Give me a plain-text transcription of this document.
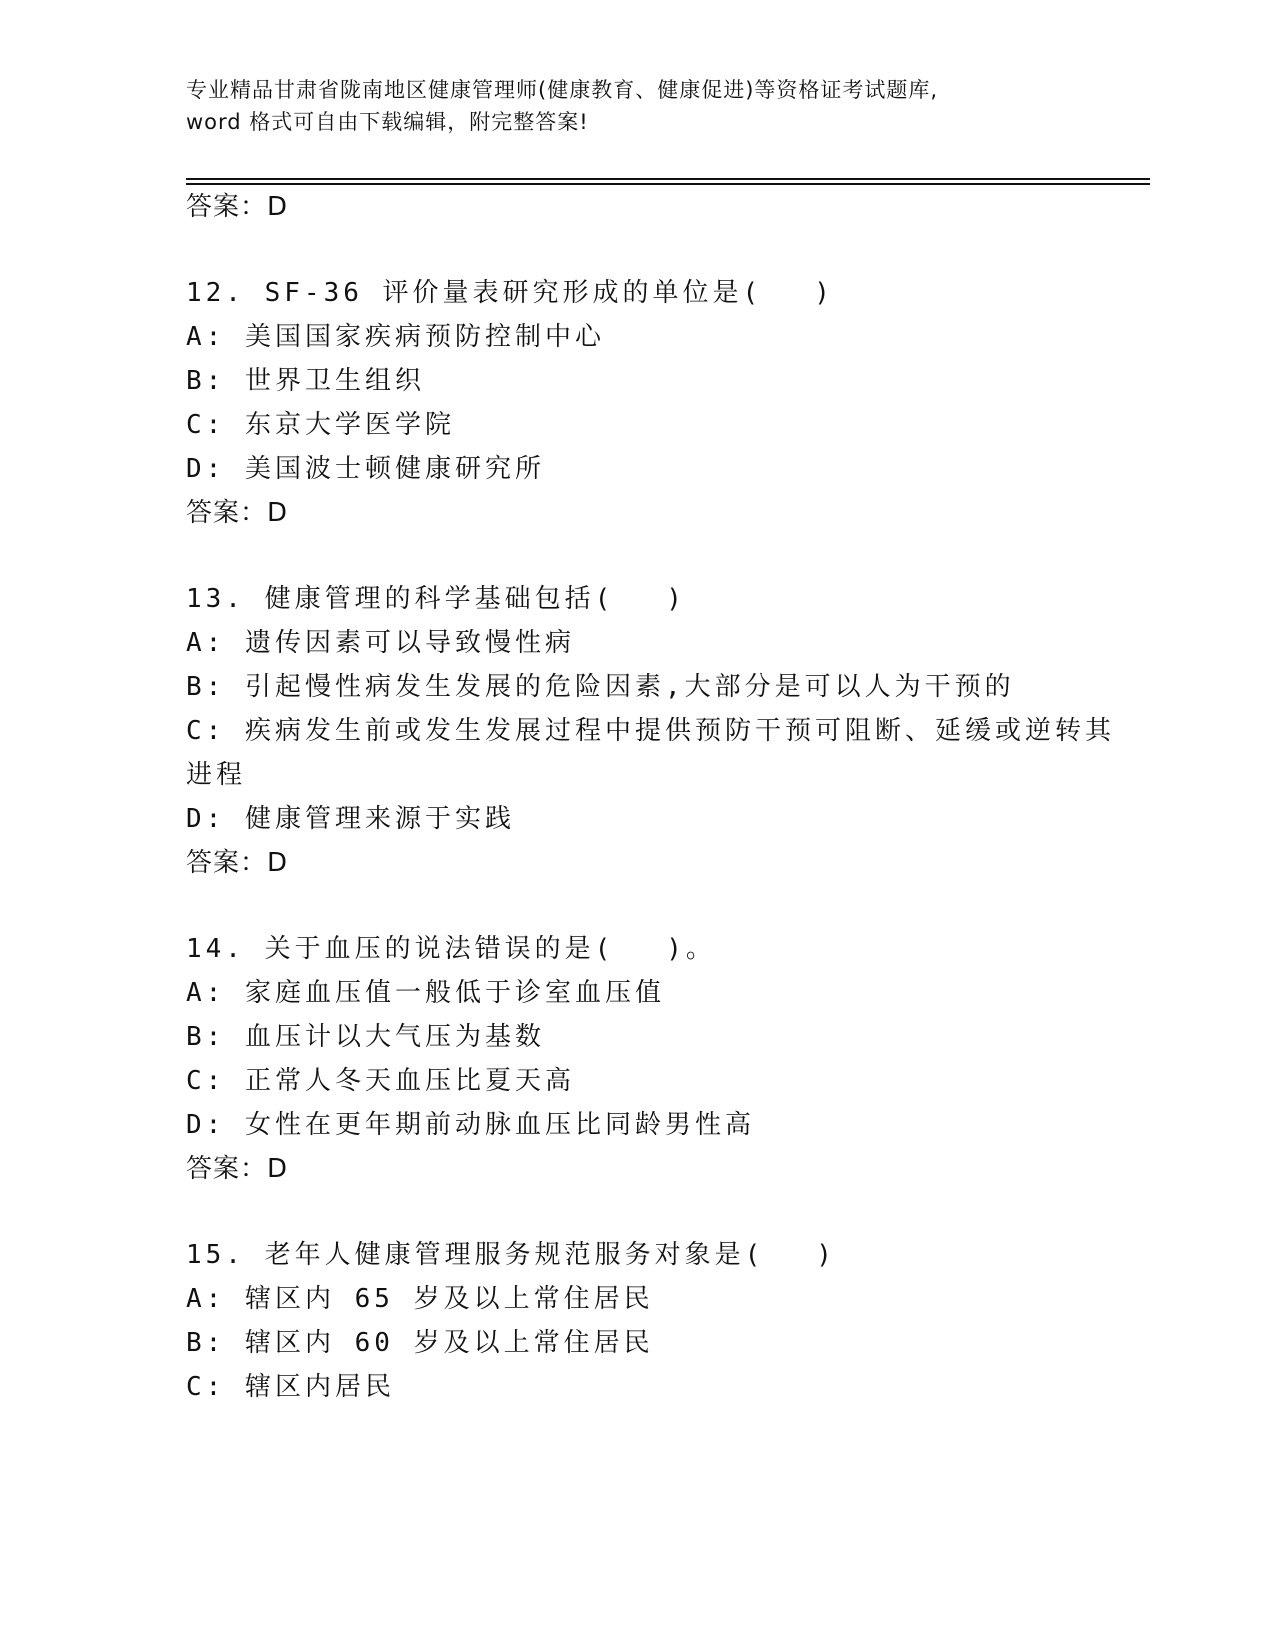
专业精品甘肃省陇南地区健康管理师(健康教育、健康促进)等资格证考试题库,
word 格式可自由下载编辑，附完整答案!
答案：D
12. SF-36 评价量表研究形成的单位是( )
A: 美国国家疾病预防控制中心
B: 世界卫生组织
C: 东京大学医学院
D: 美国波士顿健康研究所
答案：D
13. 健康管理的科学基础包括( )
A: 遗传因素可以导致慢性病
B: 引起慢性病发生发展的危险因素,大部分是可以人为干预的
C: 疾病发生前或发生发展过程中提供预防干预可阻断、延缓或逆转其
进程
D: 健康管理来源于实践
答案：D
14. 关于血压的说法错误的是( )。
A: 家庭血压值一般低于诊室血压值
B: 血压计以大气压为基数
C: 正常人冬天血压比夏天高
D: 女性在更年期前动脉血压比同龄男性高
答案：D
15. 老年人健康管理服务规范服务对象是( )
A: 辖区内 65 岁及以上常住居民
B: 辖区内 60 岁及以上常住居民
C: 辖区内居民
